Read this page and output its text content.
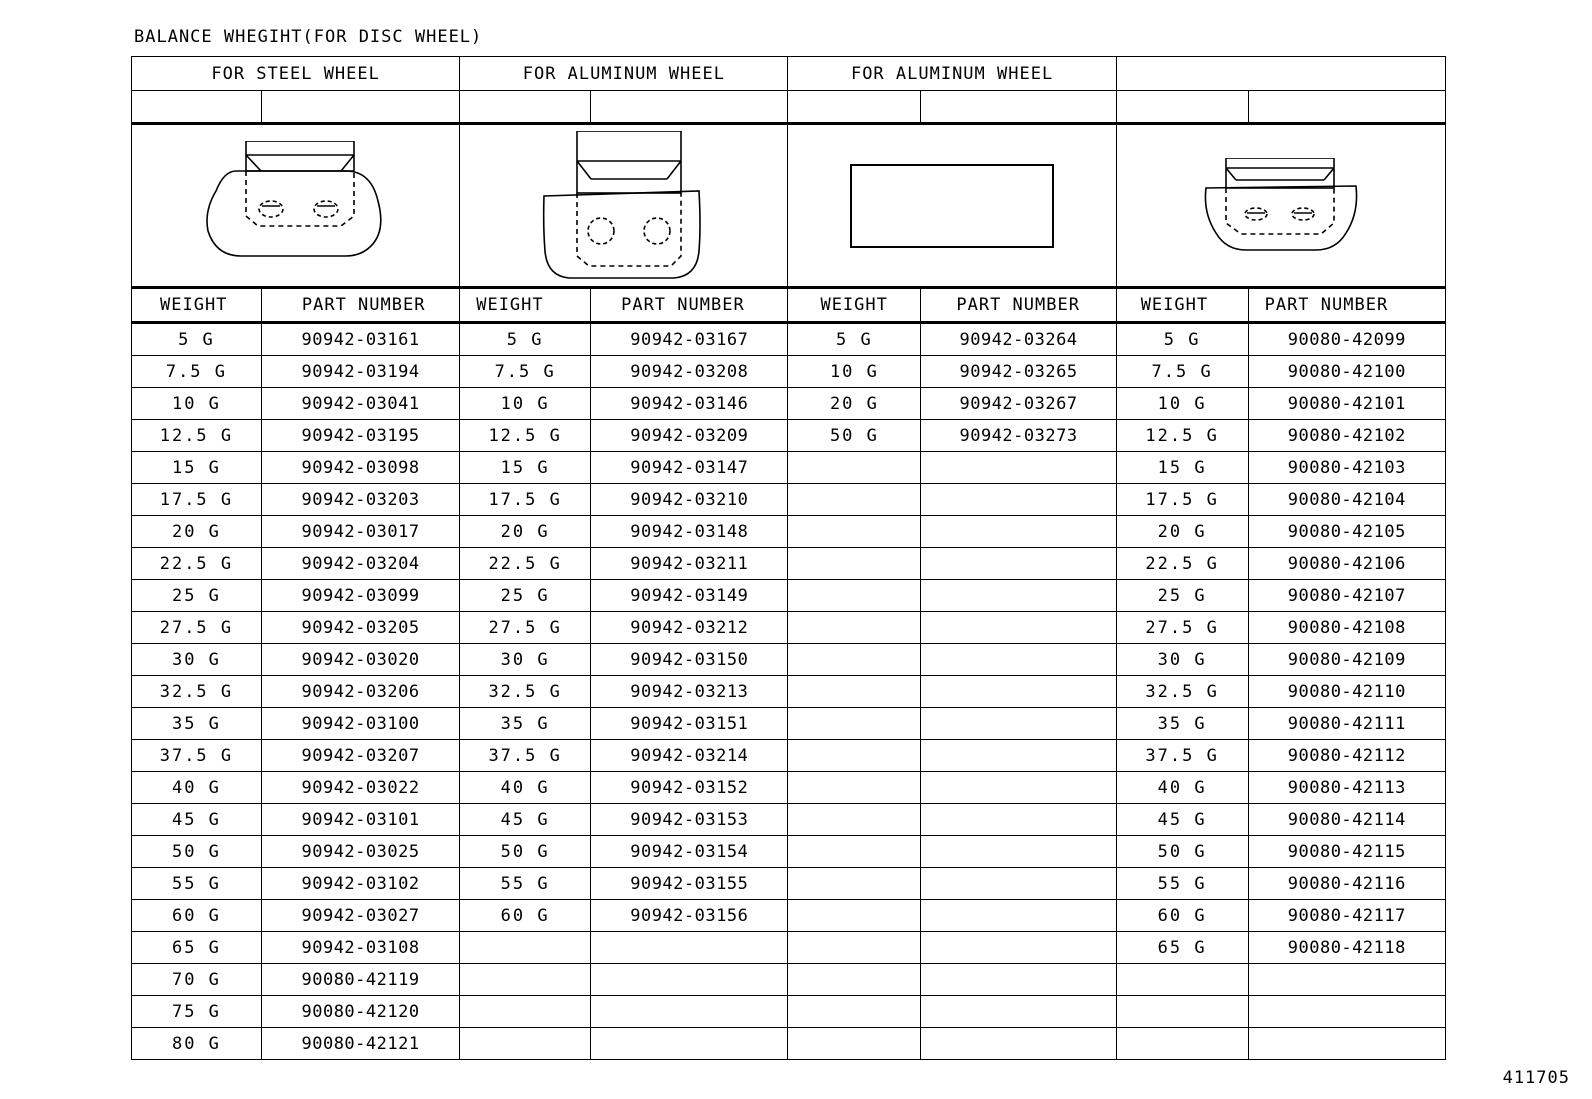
BALANCE WHEGIHT(FOR DISC WHEEL)
FOR STEEL WHEEL		FOR ALUMINUM WHEEL		FOR ALUMINUM WHEEL			

WEIGHT	PART NUMBER	WEIGHT	PART NUMBER	WEIGHT	PART NUMBER	WEIGHT	PART NUMBER
5 G	90942-03161	5 G	90942-03167	5 G	90942-03264	5 G	90080-42099
7.5 G	90942-03194	7.5 G	90942-03208	10 G	90942-03265	7.5 G	90080-42100
10 G	90942-03041	10 G	90942-03146	20 G	90942-03267	10 G	90080-42101
12.5 G	90942-03195	12.5 G	90942-03209	50 G	90942-03273	12.5 G	90080-42102
15 G	90942-03098	15 G	90942-03147			15 G	90080-42103
17.5 G	90942-03203	17.5 G	90942-03210			17.5 G	90080-42104
20 G	90942-03017	20 G	90942-03148			20 G	90080-42105
22.5 G	90942-03204	22.5 G	90942-03211			22.5 G	90080-42106
25 G	90942-03099	25 G	90942-03149			25 G	90080-42107
27.5 G	90942-03205	27.5 G	90942-03212			27.5 G	90080-42108
30 G	90942-03020	30 G	90942-03150			30 G	90080-42109
32.5 G	90942-03206	32.5 G	90942-03213			32.5 G	90080-42110
35 G	90942-03100	35 G	90942-03151			35 G	90080-42111
37.5 G	90942-03207	37.5 G	90942-03214			37.5 G	90080-42112
40 G	90942-03022	40 G	90942-03152			40 G	90080-42113
45 G	90942-03101	45 G	90942-03153			45 G	90080-42114
50 G	90942-03025	50 G	90942-03154			50 G	90080-42115
55 G	90942-03102	55 G	90942-03155			55 G	90080-42116
60 G	90942-03027	60 G	90942-03156			60 G	90080-42117
65 G	90942-03108					65 G	90080-42118
70 G	90080-42119						
75 G	90080-42120						
80 G	90080-42121						
411705
